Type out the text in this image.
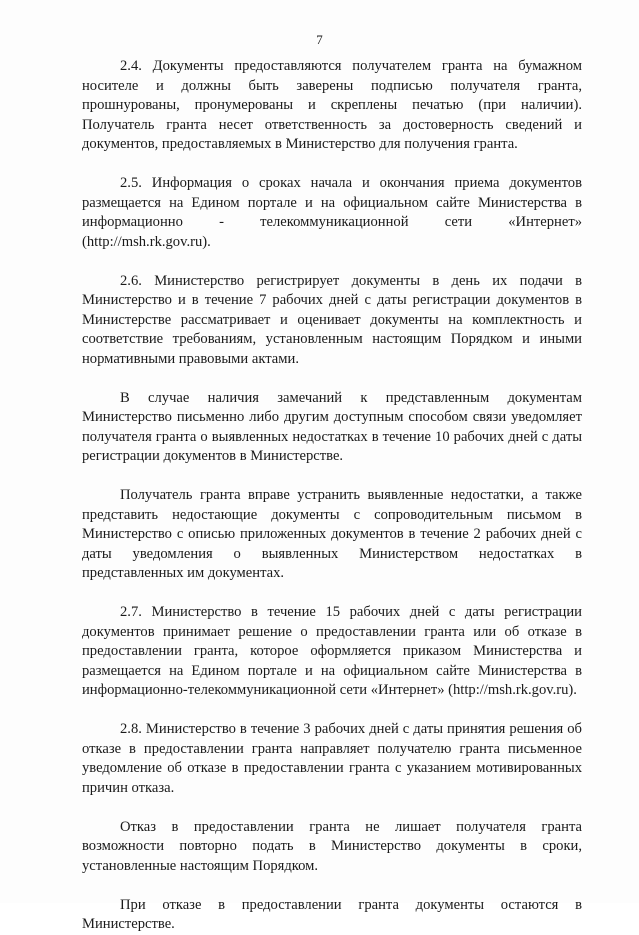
7

2.4. Документы предоставляются получателем гранта на бумажном носителе и должны быть заверены подписью получателя гранта, прошнурованы, пронумерованы и скреплены печатью (при наличии). Получатель гранта несет ответственность за достоверность сведений и документов, предоставляемых в Министерство для получения гранта.

2.5. Информация о сроках начала и окончания приема документов размещается на Едином портале и на официальном сайте Министерства в информационно - телекоммуникационной сети «Интернет» (http://msh.rk.gov.ru).

2.6. Министерство регистрирует документы в день их подачи в Министерство и в течение 7 рабочих дней с даты регистрации документов в Министерстве рассматривает и оценивает документы на комплектность и соответствие требованиям, установленным настоящим Порядком и иными нормативными правовыми актами.

В случае наличия замечаний к представленным документам Министерство письменно либо другим доступным способом связи уведомляет получателя гранта о выявленных недостатках в течение 10 рабочих дней с даты регистрации документов в Министерстве.

Получатель гранта вправе устранить выявленные недостатки, а также представить недостающие документы с сопроводительным письмом в Министерство с описью приложенных документов в течение 2 рабочих дней с даты уведомления о выявленных Министерством недостатках в представленных им документах.

2.7. Министерство в течение 15 рабочих дней с даты регистрации документов принимает решение о предоставлении гранта или об отказе в предоставлении гранта, которое оформляется приказом Министерства и размещается на Едином портале и на официальном сайте Министерства в информационно-телекоммуникационной сети «Интернет» (http://msh.rk.gov.ru).

2.8. Министерство в течение 3 рабочих дней с даты принятия решения об отказе в предоставлении гранта направляет получателю гранта письменное уведомление об отказе в предоставлении гранта с указанием мотивированных причин отказа.

Отказ в предоставлении гранта не лишает получателя гранта возможности повторно подать в Министерство документы в сроки, установленные настоящим Порядком.

При отказе в предоставлении гранта документы остаются в Министерстве.
